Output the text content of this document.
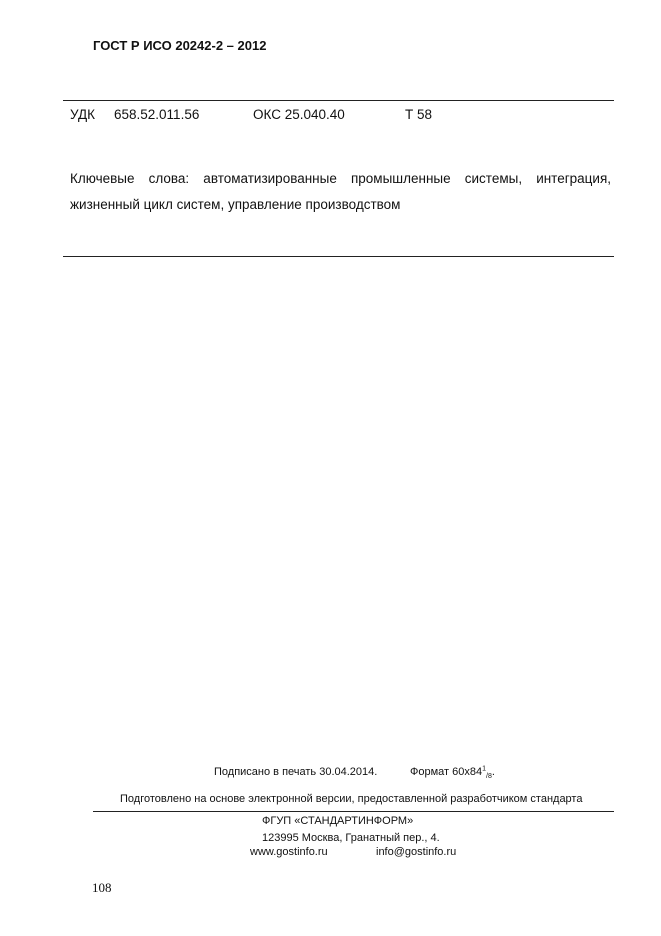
ГОСТ Р ИСО 20242-2 – 2012
УДК 658.52.011.56	ОКС 25.040.40	Т 58
Ключевые слова: автоматизированные промышленные системы, интеграция, жизненный цикл систем, управление производством
Подписано в печать 30.04.2014.	Формат $60x84^1_{/8}$.
Подготовлено на основе электронной версии, предоставленной разработчиком стандарта
ФГУП «СТАНДАРТИНФОРМ»
123995 Москва, Гранатный пер., 4.
www.gostinfo.ru	info@gostinfo.ru
108
